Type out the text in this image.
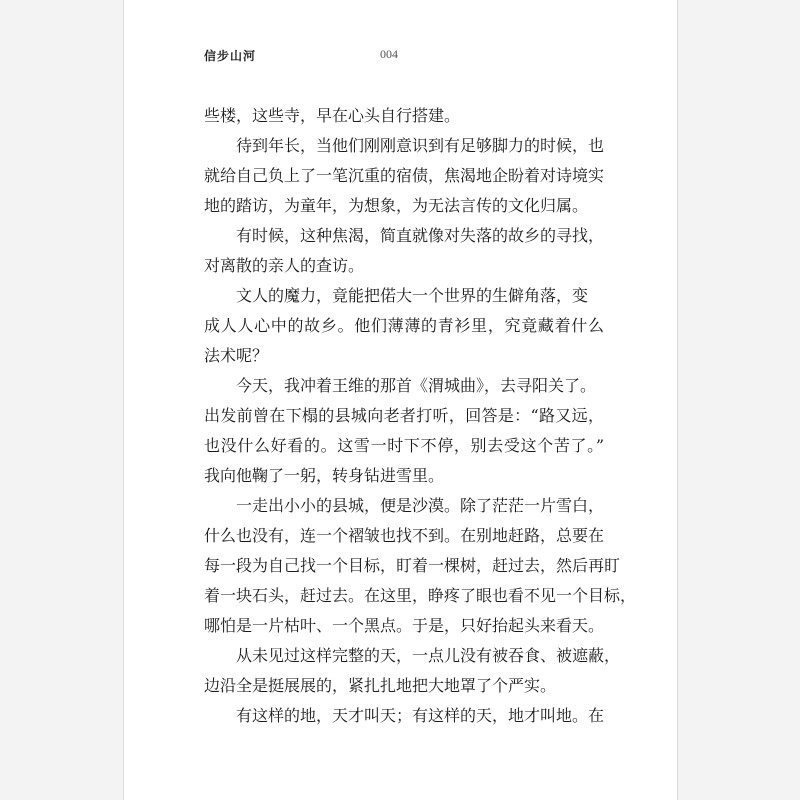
信步山河	004
些楼，这些寺，早在心头自行搭建。
待到年长，当他们刚刚意识到有足够脚力的时候，也
就给自己负上了一笔沉重的宿债，焦渴地企盼着对诗境实
地的踏访，为童年，为想象，为无法言传的文化归属。
有时候，这种焦渴，简直就像对失落的故乡的寻找，
对离散的亲人的查访。
文人的魔力，竟能把偌大一个世界的生僻角落，变
成人人心中的故乡。他们薄薄的青衫里，究竟藏着什么
法术呢？
今天，我冲着王维的那首《渭城曲》，去寻阳关了。
出发前曾在下榻的县城向老者打听，回答是：“路又远，
也没什么好看的。这雪一时下不停，别去受这个苦了。”
我向他鞠了一躬，转身钻进雪里。
一走出小小的县城，便是沙漠。除了茫茫一片雪白，
什么也没有，连一个褶皱也找不到。在别地赶路，总要在
每一段为自己找一个目标，盯着一棵树，赶过去，然后再盯
着一块石头，赶过去。在这里，睁疼了眼也看不见一个目标，
哪怕是一片枯叶、一个黑点。于是，只好抬起头来看天。
从未见过这样完整的天，一点儿没有被吞食、被遮蔽，
边沿全是挺展展的，紧扎扎地把大地罩了个严实。
有这样的地，天才叫天；有这样的天，地才叫地。在
